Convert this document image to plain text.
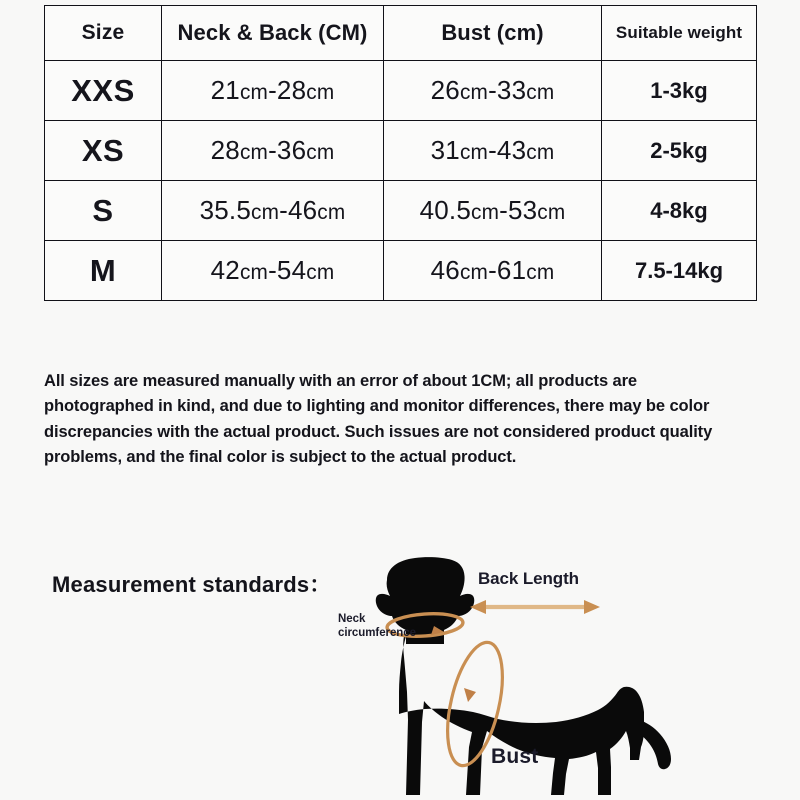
Size	Neck & Back (CM)	Bust (cm)	Suitable weight
XXS	21cm-28cm	26cm-33cm	1-3kg
XS	28cm-36cm	31cm-43cm	2-5kg
S	35.5cm-46cm	40.5cm-53cm	4-8kg
M	42cm-54cm	46cm-61cm	7.5-14kg

All sizes are measured manually with an error of about 1CM; all products are photographed in kind, and due to lighting and monitor differences, there may be color discrepancies with the actual product. Such issues are not considered product quality problems, and the final color is subject to the actual product.

Measurement standards：	Back Length
Neck
circumference
Bust
